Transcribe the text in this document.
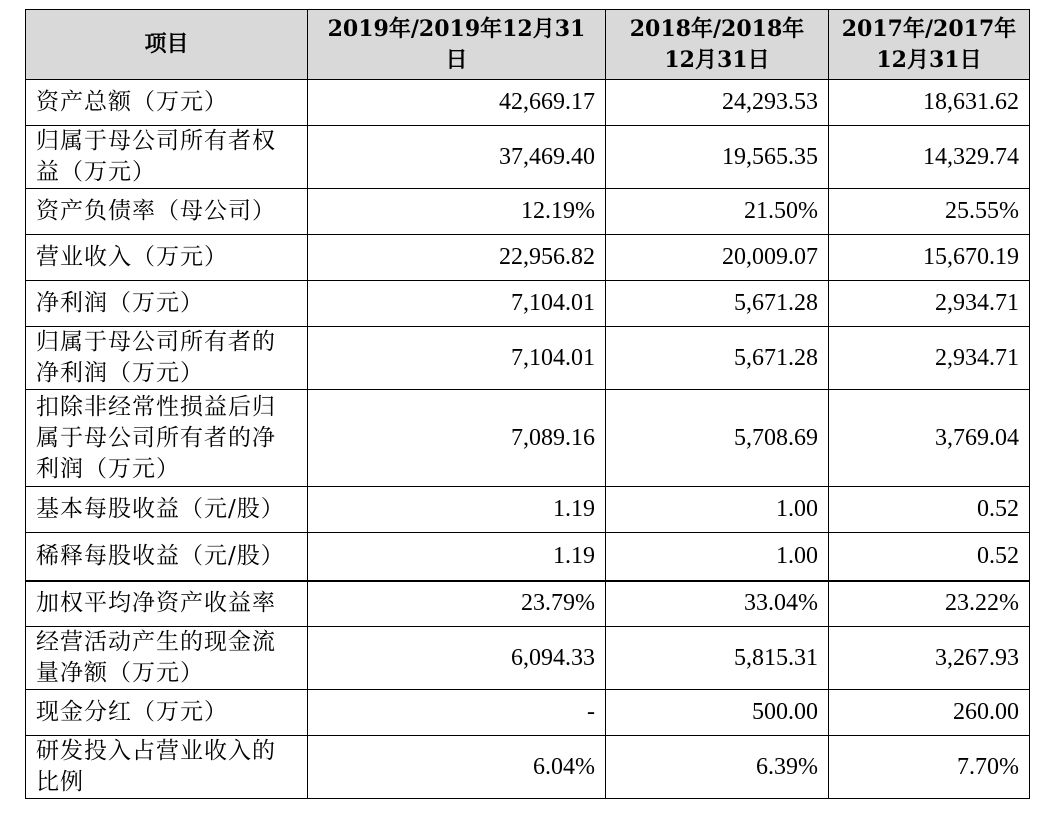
项目	2019年/2019年12月31日	2018年/2018年12月31日	2017年/2017年12月31日
资产总额（万元）	42,669.17	24,293.53	18,631.62
归属于母公司所有者权益（万元）	37,469.40	19,565.35	14,329.74
资产负债率（母公司）	12.19%	21.50%	25.55%
营业收入（万元）	22,956.82	20,009.07	15,670.19
净利润（万元）	7,104.01	5,671.28	2,934.71
归属于母公司所有者的净利润（万元）	7,104.01	5,671.28	2,934.71
扣除非经常性损益后归属于母公司所有者的净利润（万元）	7,089.16	5,708.69	3,769.04
基本每股收益（元/股）	1.19	1.00	0.52
稀释每股收益（元/股）	1.19	1.00	0.52
加权平均净资产收益率	23.79%	33.04%	23.22%
经营活动产生的现金流量净额（万元）	6,094.33	5,815.31	3,267.93
现金分红（万元）	-	500.00	260.00
研发投入占营业收入的比例	6.04%	6.39%	7.70%
